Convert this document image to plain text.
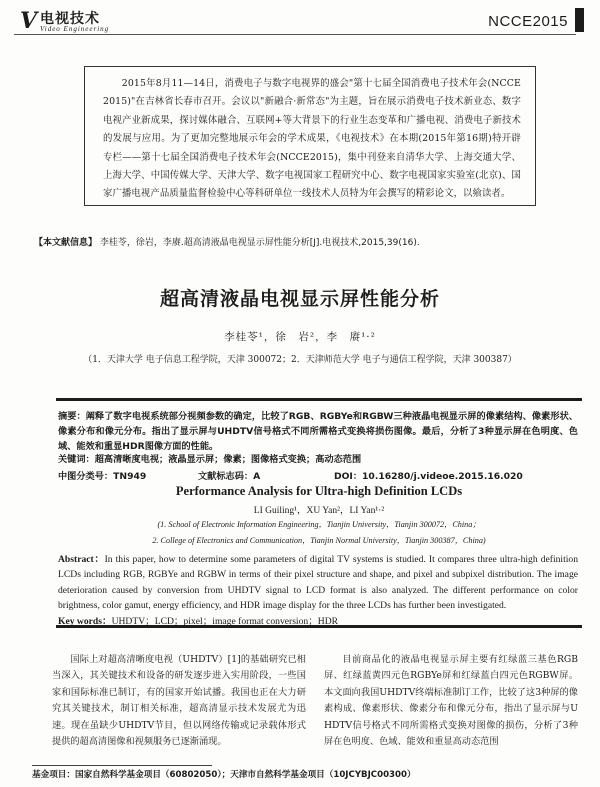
V 电视技术
Video Engineering	NCCE2015

2015年8月11—14日，消费电子与数字电视界的盛会"第十七届全国消费电子技术年会(NCCE2015)"在吉林省长春市召开。会议以"新融合·新常态"为主题，旨在展示消费电子技术新业态、数字电视产业新成果，探讨媒体融合、互联网+等大背景下的行业生态变革和广播电视、消费电子新技术的发展与应用。为了更加完整地展示年会的学术成果，《电视技术》在本期(2015年第16期)特开辟专栏——第十七届全国消费电子技术年会(NCCE2015)，集中刊登来自清华大学、上海交通大学、上海大学、中国传媒大学、天津大学、数字电视国家工程研究中心、数字电视国家实验室(北京)、国家广播电视产品质量监督检验中心等科研单位一线技术人员特为年会撰写的精彩论文，以飨读者。

【本文献信息】 李桂苓，徐岩，李赓.超高清液晶电视显示屏性能分析[J].电视技术,2015,39(16).
超高清液晶电视显示屏性能分析
李桂苓¹，徐　岩²，李　赓¹·²
（1．天津大学 电子信息工程学院，天津 300072；2．天津师范大学 电子与通信工程学院，天津 300387）
摘要：阐释了数字电视系统部分视频参数的确定，比较了RGB、RGBYe和RGBW三种液晶电视显示屏的像素结构、像素形状、像素分布和像元分布。指出了显示屏与UHDTV信号格式不同所需格式变换将损伤图像。最后，分析了3种显示屏在色明度、色域、能效和重显HDR图像方面的性能。
关键词：超高清晰度电视；液晶显示屏；像素；图像格式变换；高动态范围
中图分类号：TN949	文献标志码：A	DOI：10.16280/j.videoe.2015.16.020
Performance Analysis for Ultra-high Definition LCDs
LI Guiling¹，XU Yan²，LI Yan¹·²
(1. School of Electronic Information Engineering，Tianjin University，Tianjin 300072，China；
2. College of Electronics and Communication，Tianjin Normal University，Tianjin 300387，China)
Abstract：In this paper, how to determine some parameters of digital TV systems is studied. It compares three ultra-high definition LCDs including RGB, RGBYe and RGBW in terms of their pixel structure and shape, and pixel and subpixel distribution. The image deterioration caused by conversion from UHDTV signal to LCD format is also analyzed. The different performance on color brightness, color gamut, energy efficiency, and HDR image display for the three LCDs has further been investigated.
Key words：UHDTV；LCD；pixel；image format conversion；HDR

国际上对超高清晰度电视（UHDTV）[1]的基础研究已相当深入，其关键技术和设备的研发逐步进入实用阶段，一些国家和国际标准已制订，有的国家开始试播。我国也正在大力研究其关键技术，制订相关标准，超高清显示技术发展尤为迅速。现在虽缺少UHDTV节目，但以网络传输或记录载体形式提供的超高清图像和视频服务已逐渐涌现。

目前商品化的液晶电视显示屏主要有红绿蓝三基色RGB屏、红绿蓝黄四元色RGBYe屏和红绿蓝白四元色RGBW屏。本文面向我国UHDTV终端标准制订工作，比较了这3种屏的像素构成、像素形状、像素分布和像元分布，指出了显示屏与UHDTV信号格式不同所需格式变换对图像的损伤，分析了3种屏在色明度、色域、能效和重显高动态范围

基金项目：国家自然科学基金项目（60802050）；天津市自然科学基金项目（10JCYBJC00300）
